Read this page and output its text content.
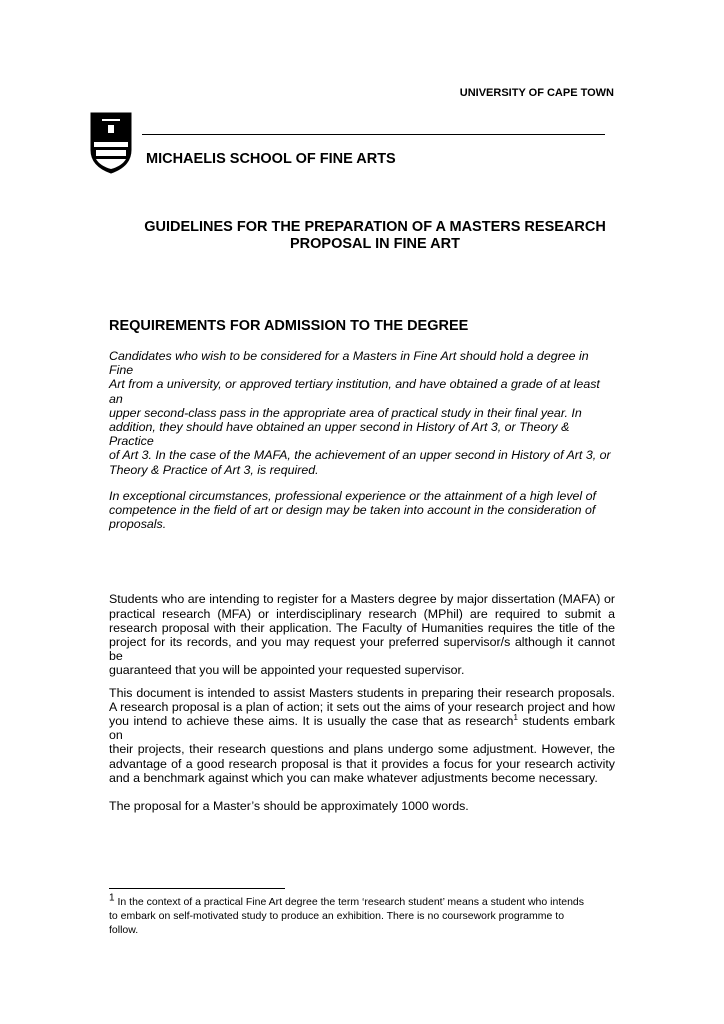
UNIVERSITY OF CAPE TOWN
MICHAELIS SCHOOL OF FINE ARTS
GUIDELINES FOR THE PREPARATION OF A MASTERS RESEARCH
PROPOSAL IN FINE ART
REQUIREMENTS FOR ADMISSION TO THE DEGREE
Candidates who wish to be considered for a Masters in Fine Art should hold a degree in Fine
Art from a university, or approved tertiary institution, and have obtained a grade of at least an
upper second-class pass in the appropriate area of practical study in their final year. In
addition, they should have obtained an upper second in History of Art 3, or Theory & Practice
of Art 3. In the case of the MAFA, the achievement of an upper second in History of Art 3, or
Theory & Practice of Art 3, is required.
In exceptional circumstances, professional experience or the attainment of a high level of
competence in the field of art or design may be taken into account in the consideration of
proposals.
Students who are intending to register for a Masters degree by major dissertation (MAFA) or
practical research (MFA) or interdisciplinary research (MPhil) are required to submit a
research proposal with their application. The Faculty of Humanities requires the title of the
project for its records, and you may request your preferred supervisor/s although it cannot be
guaranteed that you will be appointed your requested supervisor.
This document is intended to assist Masters students in preparing their research proposals.
A research proposal is a plan of action; it sets out the aims of your research project and how
you intend to achieve these aims. It is usually the case that as research$^1$ students embark on
their projects, their research questions and plans undergo some adjustment. However, the
advantage of a good research proposal is that it provides a focus for your research activity
and a benchmark against which you can make whatever adjustments become necessary.
The proposal for a Master’s should be approximately 1000 words.
$^1$ In the context of a practical Fine Art degree the term ‘research student’ means a student who intends
to embark on self-motivated study to produce an exhibition. There is no coursework programme to
follow.
